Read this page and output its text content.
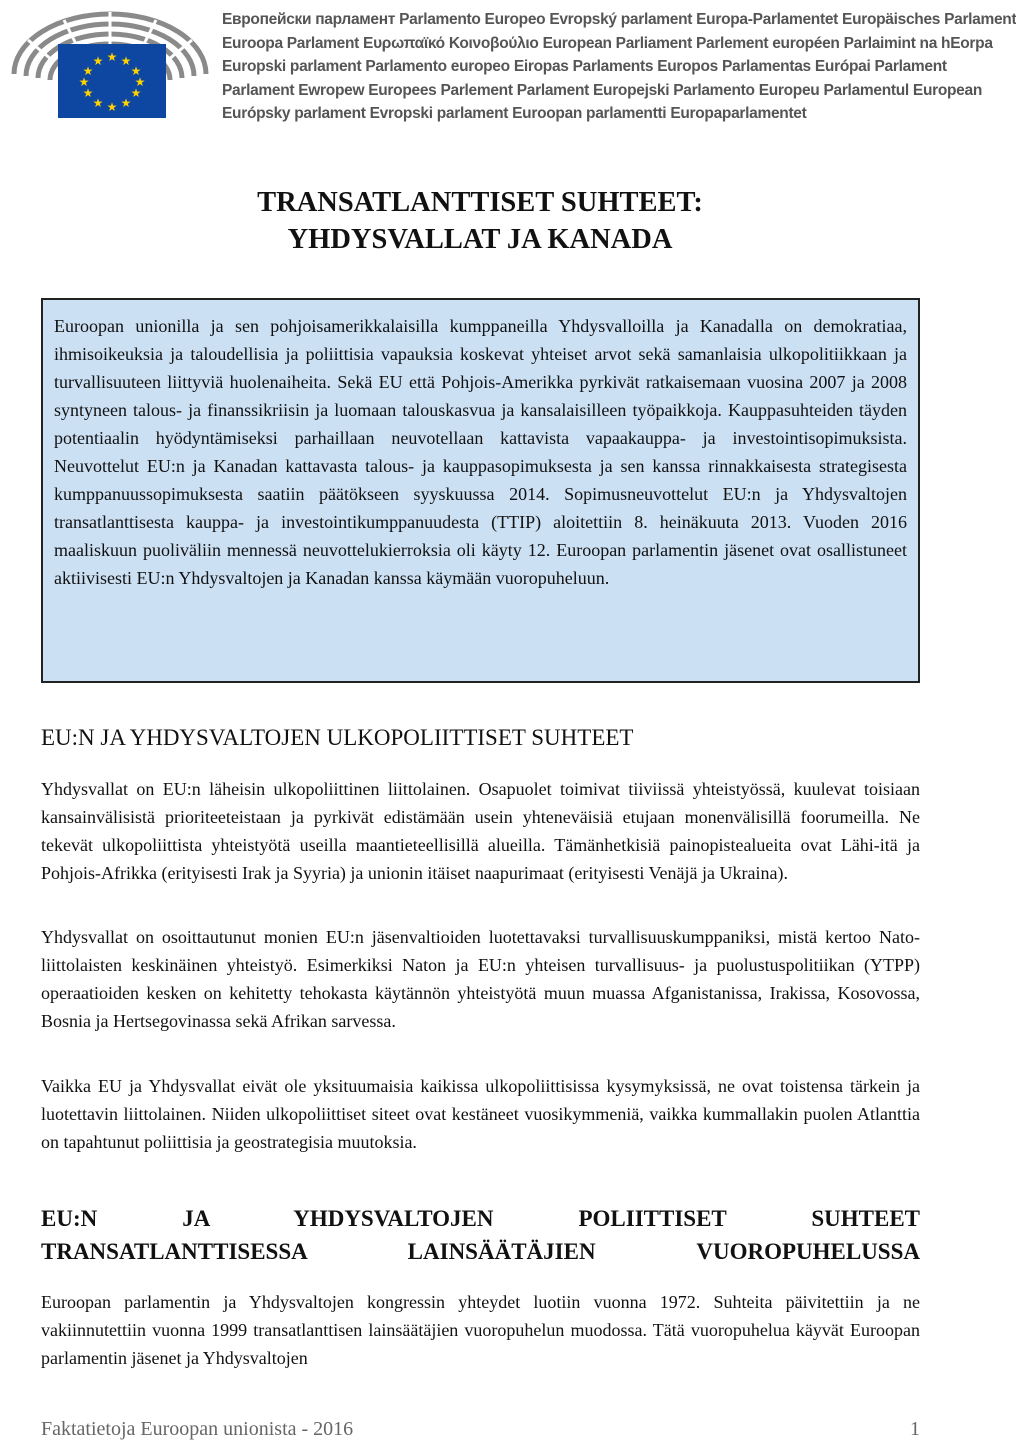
★ ★
★
★
★
★
★
★
★
★
★
★
Европейски парламент Parlamento Europeo Evropský parlament Europa-Parlamentet Europäisches Parlament
Euroopa Parlament Ευρωπαϊκό Κοινοβούλιο European Parliament Parlement européen Parlaimint na hEorpa
Europski parlament Parlamento europeo Eiropas Parlaments Europos Parlamentas Európai Parlament
Parlament Ewropew Europees Parlement Parlament Europejski Parlamento Europeu Parlamentul European
Európsky parlament Evropski parlament Euroopan parlamentti Europaparlamentet
TRANSATLANTTISET SUHTEET:
YHDYSVALLAT JA KANADA
Euroopan unionilla ja sen pohjoisamerikkalaisilla kumppaneilla Yhdysvalloilla ja Kanadalla on demokratiaa, ihmisoikeuksia ja taloudellisia ja poliittisia vapauksia koskevat yhteiset arvot sekä samanlaisia ulkopolitiikkaan ja turvallisuuteen liittyviä huolenaiheita. Sekä EU että Pohjois-Amerikka pyrkivät ratkaisemaan vuosina 2007 ja 2008 syntyneen talous- ja finanssikriisin ja luomaan talouskasvua ja kansalaisilleen työpaikkoja. Kauppasuhteiden täyden potentiaalin hyödyntämiseksi parhaillaan neuvotellaan kattavista vapaakauppa- ja investointisopimuksista. Neuvottelut EU:n ja Kanadan kattavasta talous- ja kauppasopimuksesta ja sen kanssa rinnakkaisesta strategisesta kumppanuussopimuksesta saatiin päätökseen syyskuussa 2014. Sopimusneuvottelut EU:n ja Yhdysvaltojen transatlanttisesta kauppa- ja investointikumppanuudesta (TTIP) aloitettiin 8. heinäkuuta 2013. Vuoden 2016 maaliskuun puoliväliin mennessä neuvottelukierroksia oli käyty 12. Euroopan parlamentin jäsenet ovat osallistuneet aktiivisesti EU:n Yhdysvaltojen ja Kanadan kanssa käymään vuoropuheluun.
EU:N JA YHDYSVALTOJEN ULKOPOLIITTISET SUHTEET

Yhdysvallat on EU:n läheisin ulkopoliittinen liittolainen. Osapuolet toimivat tiiviissä yhteistyössä, kuulevat toisiaan kansainvälisistä prioriteeteistaan ja pyrkivät edistämään usein yhteneväisiä etujaan monenvälisillä foorumeilla. Ne tekevät ulkopoliittista yhteistyötä useilla maantieteellisillä alueilla. Tämänhetkisiä painopistealueita ovat Lähi-itä ja Pohjois-Afrikka (erityisesti Irak ja Syyria) ja unionin itäiset naapurimaat (erityisesti Venäjä ja Ukraina).

Yhdysvallat on osoittautunut monien EU:n jäsenvaltioiden luotettavaksi turvallisuuskumppaniksi, mistä kertoo Nato-liittolaisten keskinäinen yhteistyö. Esimerkiksi Naton ja EU:n yhteisen turvallisuus- ja puolustuspolitiikan (YTPP) operaatioiden kesken on kehitetty tehokasta käytännön yhteistyötä muun muassa Afganistanissa, Irakissa, Kosovossa, Bosnia ja Hertsegovinassa sekä Afrikan sarvessa.

Vaikka EU ja Yhdysvallat eivät ole yksituumaisia kaikissa ulkopoliittisissa kysymyksissä, ne ovat toistensa tärkein ja luotettavin liittolainen. Niiden ulkopoliittiset siteet ovat kestäneet vuosikymmeniä, vaikka kummallakin puolen Atlanttia on tapahtunut poliittisia ja geostrategisia muutoksia.

EU:N JA YHDYSVALTOJEN POLIITTISET SUHTEET
TRANSATLANTTISESSA LAINSÄÄTÄJIEN VUOROPUHELUSSA

Euroopan parlamentin ja Yhdysvaltojen kongressin yhteydet luotiin vuonna 1972. Suhteita päivitettiin ja ne vakiinnutettiin vuonna 1999 transatlanttisen lainsäätäjien vuoropuhelun muodossa. Tätä vuoropuhelua käyvät Euroopan parlamentin jäsenet ja Yhdysvaltojen

Faktatietoja Euroopan unionista - 2016	1
